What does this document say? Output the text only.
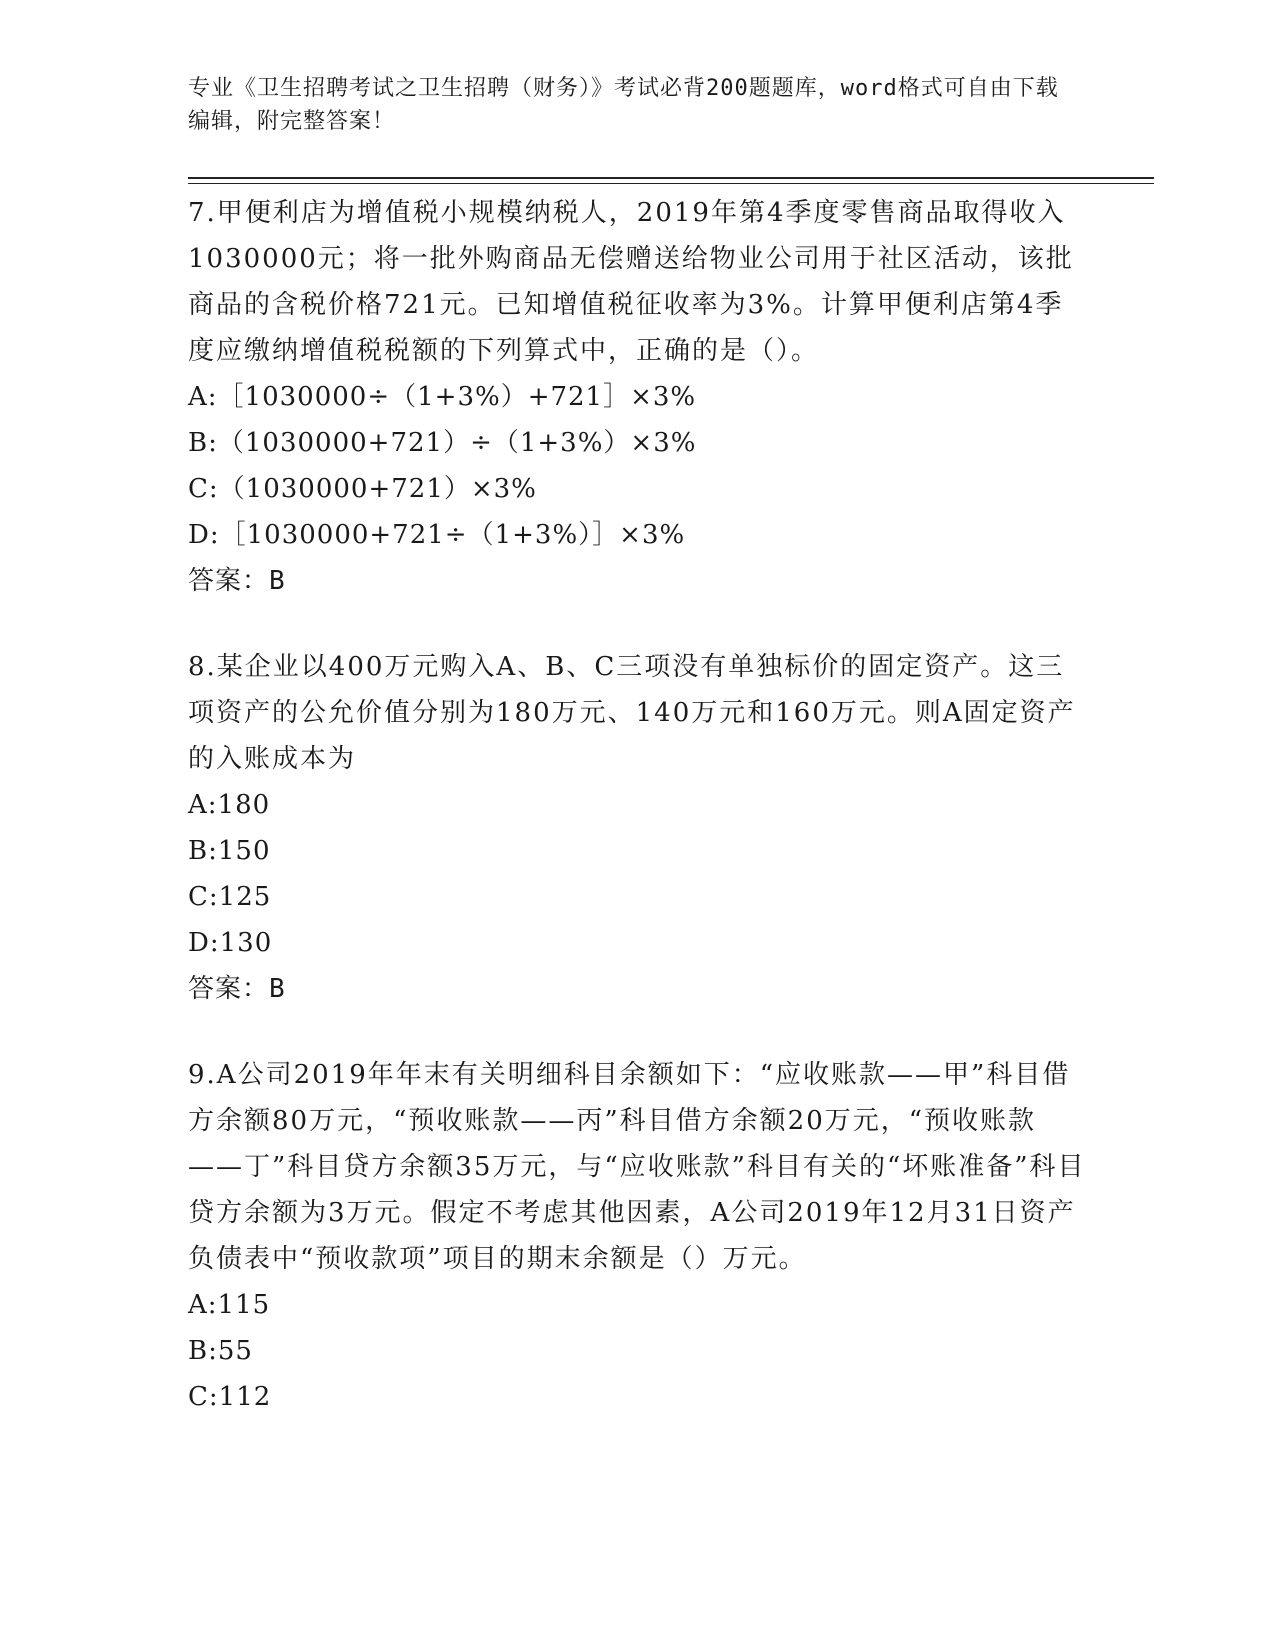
专业《卫生招聘考试之卫生招聘（财务）》考试必背200题题库，word格式可自由下载编辑，附完整答案！

7.甲便利店为增值税小规模纳税人，2019年第4季度零售商品取得收入1030000元；将一批外购商品无偿赠送给物业公司用于社区活动，该批商品的含税价格721元。已知增值税征收率为3%。计算甲便利店第4季度应缴纳增值税税额的下列算式中，正确的是（）。

A:［1030000÷（1+3%）+721］×3%

B:（1030000+721）÷（1+3%）×3%

C:（1030000+721）×3%

D:［1030000+721÷（1+3%）］×3%

答案：B

8.某企业以400万元购入A、B、C三项没有单独标价的固定资产。这三项资产的公允价值分别为180万元、140万元和160万元。则A固定资产的入账成本为

A:180

B:150

C:125

D:130

答案：B

9.A公司2019年年末有关明细科目余额如下：“应收账款——甲”科目借方余额80万元，“预收账款——丙”科目借方余额20万元，“预收账款——丁”科目贷方余额35万元，与“应收账款”科目有关的“坏账准备”科目贷方余额为3万元。假定不考虑其他因素，A公司2019年12月31日资产负债表中“预收款项”项目的期末余额是（）万元。

A:115

B:55

C:112
